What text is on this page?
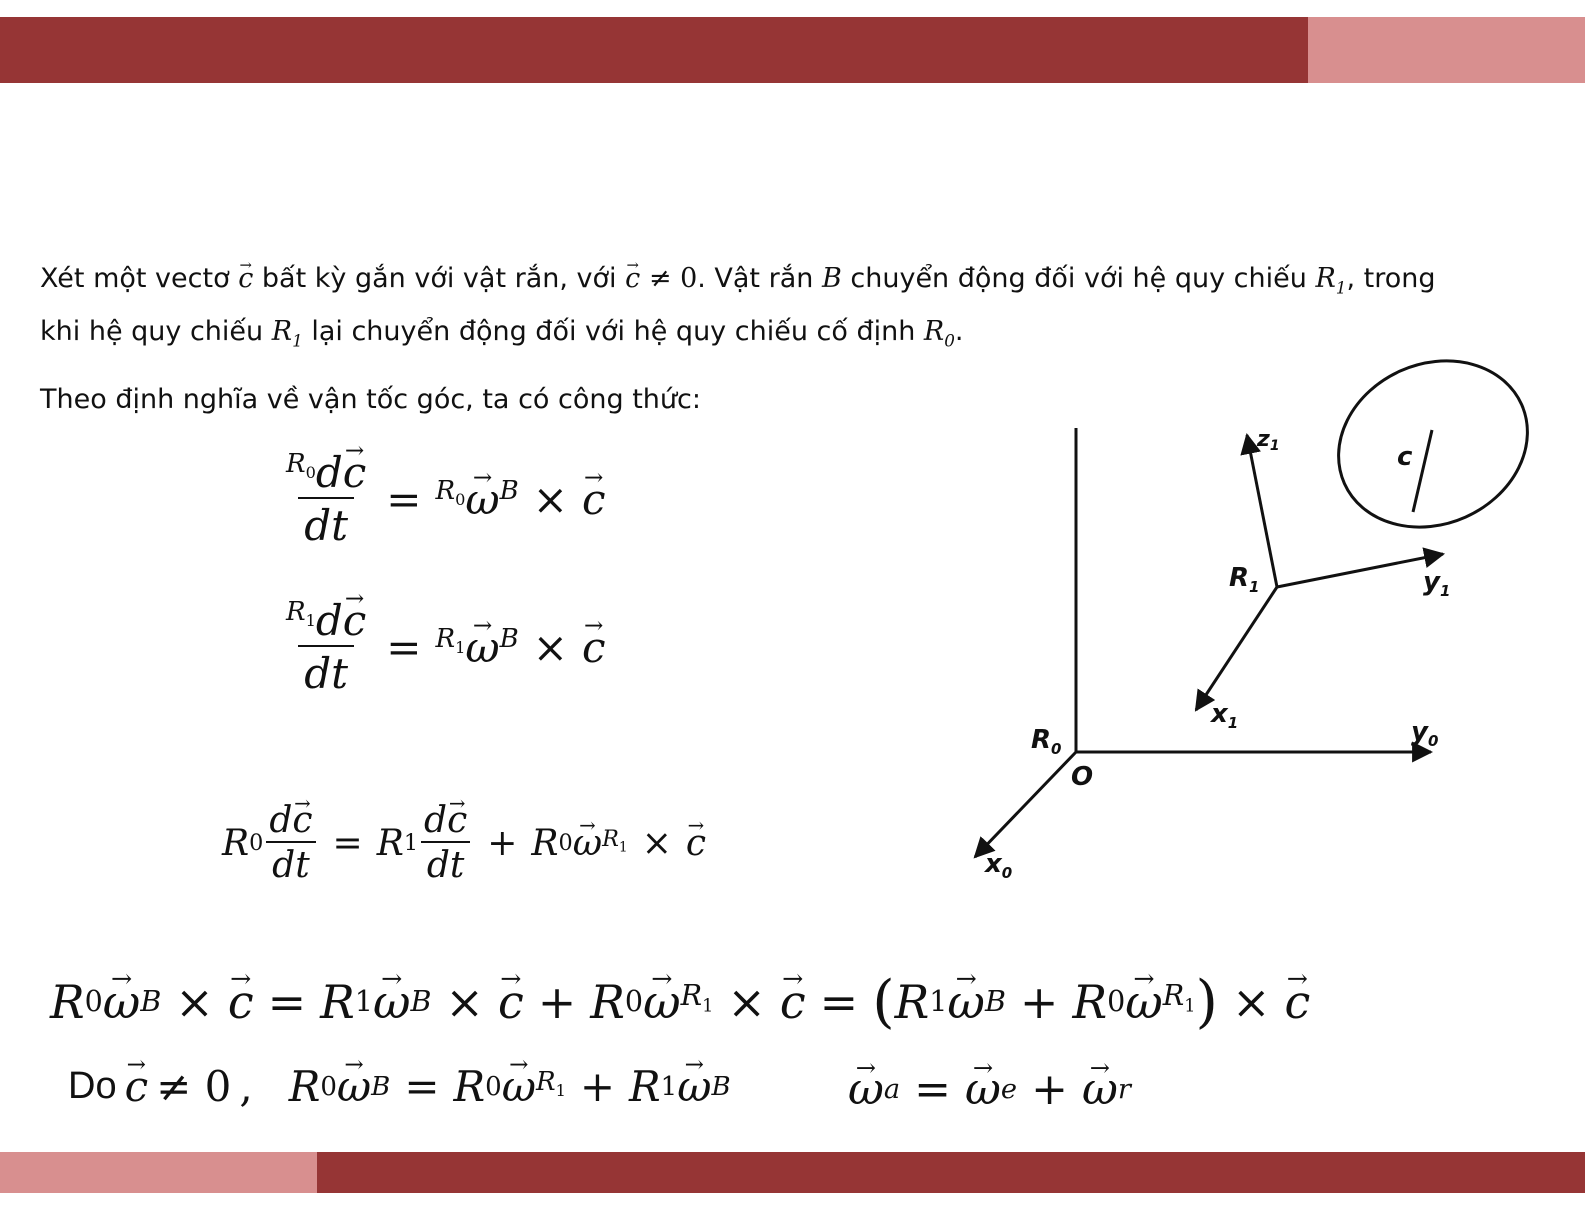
Xét một vectơ → c bất kỳ gắn với vật rắn, với → c ≠ 0. Vật rắn B chuyển động đối với hệ quy chiếu $R_1$, trong
khi hệ quy chiếu $R_1$ lại chuyển động đối với hệ quy chiếu cố định $R_0$.
Theo định nghĩa về vận tốc góc, ta có công thức:
$\frac{^{R_0}d\to c}{dt} = ^{R_0}\to \omega^B$ × → c
$\frac{^{R_1}d\to c}{dt} = ^{R_1}\to \omega^B$ × → c
R $0 \frac{d\to c}{dt} = R$ $1 \frac{d\to c}{dt} + R$ 0 → ω $R_1$ × → c
R 0 → ω B × → c = R 1 → ω B × → c + R 0 → ω $R_1$ × → c = ( R 1 → ω B + R 0 → ω $R_1$ ) × → c
Do → c ≠ 0 , R 0 → ω B = R 0 → ω $R_1 + R$ 1 → ω B	→ ω a = → ω e + → ω r
$R_0$
O
$x_0$
$y_0$
$R_1$
$x_1$
$y_1$
z1	c
